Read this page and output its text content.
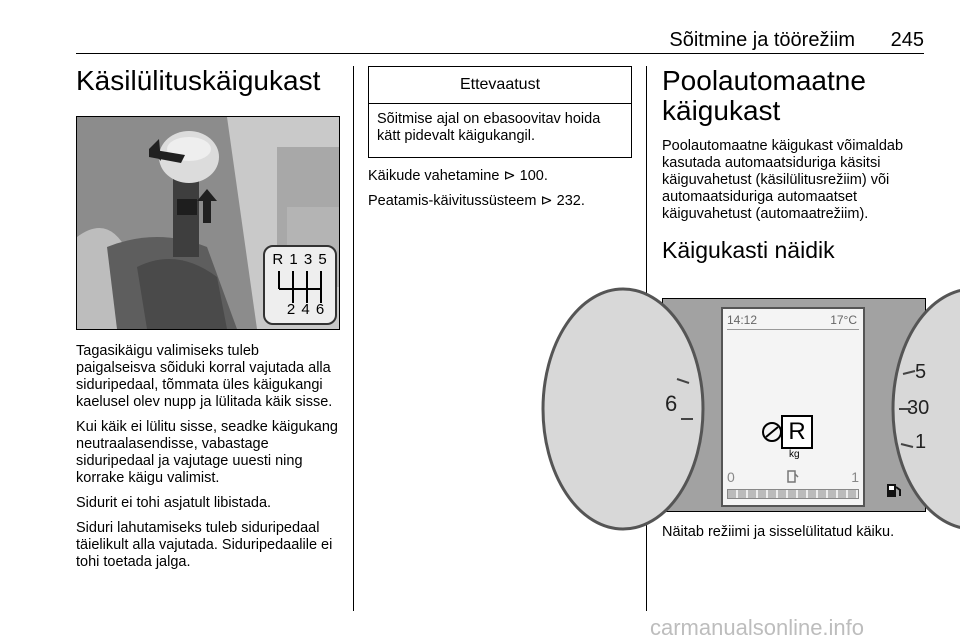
Sõitmine ja töörežiim	245
Käsilülituskäigukast
R 1 3 5
2 4 6

Tagasikäigu valimiseks tuleb paigalseisva sõiduki korral vajutada alla siduripedaal, tõmmata üles käigukangi kaelusel olev nupp ja lülitada käik sisse.

Kui käik ei lülitu sisse, seadke käigukang neutraalasendisse, vabastage siduripedaal ja vajutage uuesti ning korrake käigu valimist.

Sidurit ei tohi asjatult libistada.

Siduri lahutamiseks tuleb siduripedaal täielikult alla vajutada. Siduripedaalile ei tohi toetada jalga.

Ettevaatust
Sõitmise ajal on ebasoovitav hoida kätt pidevalt käigukangil.

Käikude vahetamine ⊳ 100.

Peatamis-käivitussüsteem ⊳ 232.

Poolautomaatne käigukast

Poolautomaatne käigukast võimaldab kasutada automaatsiduriga käsitsi käiguvahetust (käsilülitusrežiim) või automaatsiduriga automaatset käiguvahetust (automaatrežiim).

Käigukasti näidik
6
5
30
1
14:12	17°C
R
kg
0	1

Näitab režiimi ja sisselülitatud käiku.

carmanualsonline.info
